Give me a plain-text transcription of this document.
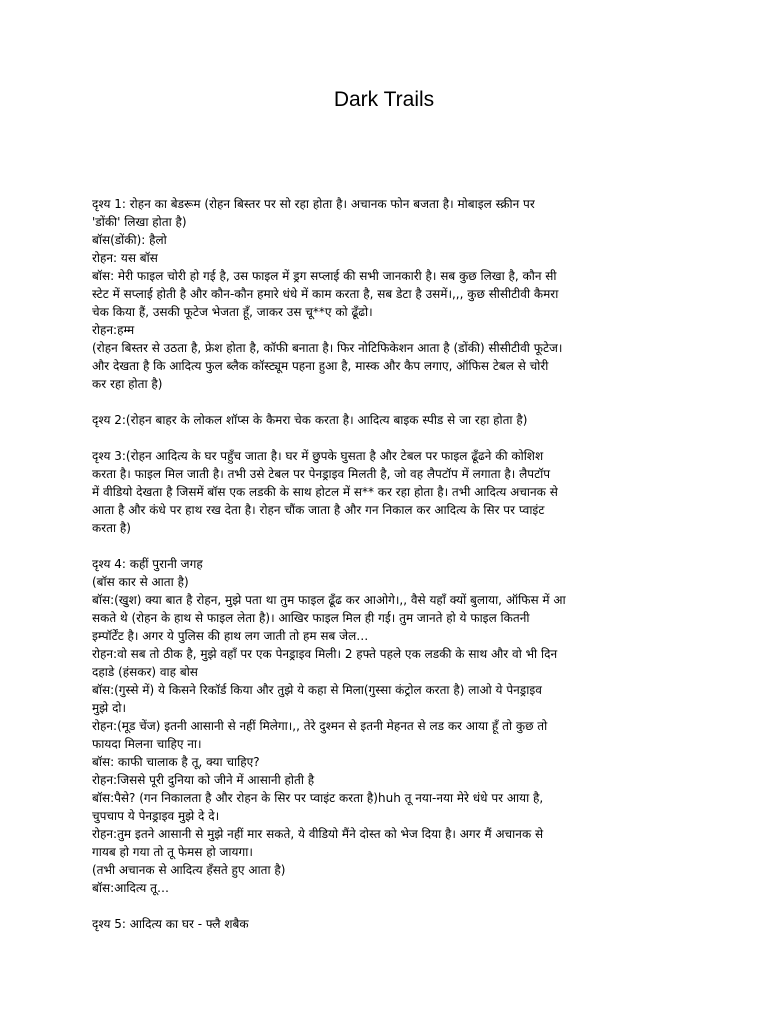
Dark Trails

दृश्य 1: रोहन का बेडरूम (रोहन बिस्तर पर सो रहा होता है। अचानक फोन बजता है। मोबाइल स्क्रीन पर

'डोंकी' लिखा होता है)

बॉस(डोंकी): हैलो

रोहन: यस बॉस

बॉस: मेरी फाइल चोरी हो गई है, उस फाइल में ड्रग सप्लाई की सभी जानकारी है। सब कुछ लिखा है, कौन सी

स्टेट में सप्लाई होती है और कौन-कौन हमारे धंधे में काम करता है, सब डेटा है उसमें।,,, कुछ सीसीटीवी कैमरा

चेक किया हैं, उसकी फूटेज भेजता हूँ, जाकर उस चू**ए को ढूँढो।

रोहन:हम्म

(रोहन बिस्तर से उठता है, फ्रेश होता है, कॉफी बनाता है। फिर नोटिफिकेशन आता है (डोंकी) सीसीटीवी फूटेज।

और देखता है कि आदित्य फुल ब्लैक कॉस्ट्यूम पहना हुआ है, मास्क और कैप लगाए, ऑफिस टेबल से चोरी

कर रहा होता है)

दृश्य 2:(रोहन बाहर के लोकल शॉप्स के कैमरा चेक करता है। आदित्य बाइक स्पीड से जा रहा होता है)

दृश्य 3:(रोहन आदित्य के घर पहुँच जाता है। घर में छुपके घुसता है और टेबल पर फाइल ढूँढने की कोशिश

करता है। फाइल मिल जाती है। तभी उसे टेबल पर पेनड्राइव मिलती है, जो वह लैपटॉप में लगाता है। लैपटॉप

में वीडियो देखता है जिसमें बॉस एक लडकी के साथ होटल में स** कर रहा होता है। तभी आदित्य अचानक से

आता है और कंधे पर हाथ रख देता है। रोहन चौंक जाता है और गन निकाल कर आदित्य के सिर पर प्वाइंट

करता है)

दृश्य 4: कहीं पुरानी जगह

(बॉस कार से आता है)

बॉस:(खुश) क्या बात है रोहन, मुझे पता था तुम फाइल ढूँढ कर आओगे।,, वैसे यहाँ क्यों बुलाया, ऑफिस में आ

सकते थे (रोहन के हाथ से फाइल लेता है)। आखिर फाइल मिल ही गई। तुम जानते हो ये फाइल कितनी

इम्पॉर्टेंट है। अगर ये पुलिस की हाथ लग जाती तो हम सब जेल…

रोहन:वो सब तो ठीक है, मुझे वहाँ पर एक पेनड्राइव मिली। 2 हफ्ते पहले एक लडकी के साथ और वो भी दिन

दहाडे (हंसकर) वाह बोस

बॉस:(गुस्से में) ये किसने रिकॉर्ड किया और तुझे ये कहा से मिला(गुस्सा कंट्रोल करता है) लाओ ये पेनड्राइव

मुझे दो।

रोहन:(मूड चेंज) इतनी आसानी से नहीं मिलेगा।,, तेरे दुश्मन से इतनी मेहनत से लड कर आया हूँ तो कुछ तो

फायदा मिलना चाहिए ना।

बॉस: काफी चालाक है तू, क्या चाहिए?

रोहन:जिससे पूरी दुनिया को जीने में आसानी होती है

बॉस:पैसे? (गन निकालता है और रोहन के सिर पर प्वाइंट करता है)huh तू नया-नया मेरे धंधे पर आया है,

चुपचाप ये पेनड्राइव मुझे दे दे।

रोहन:तुम इतने आसानी से मुझे नहीं मार सकते, ये वीडियो मैंने दोस्त को भेज दिया है। अगर मैं अचानक से

गायब हो गया तो तू फेमस हो जायगा।

(तभी अचानक से आदित्य हँसते हुए आता है)

बॉस:आदित्य तू…

दृश्य 5: आदित्य का घर - फ्लै शबैक
